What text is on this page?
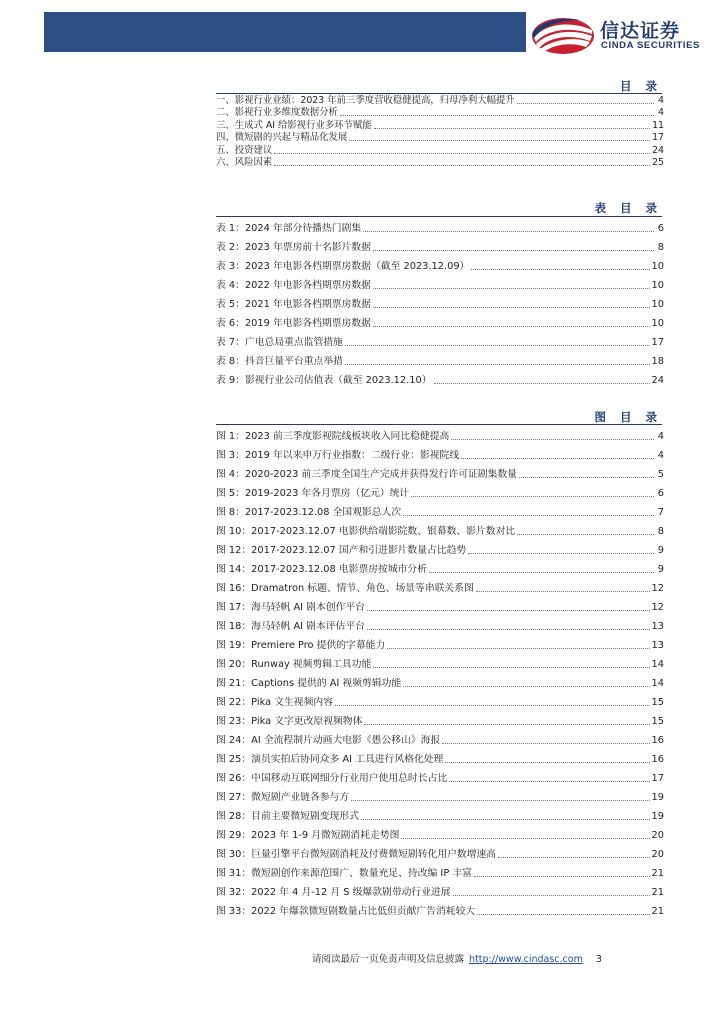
信达证券
CINDA SECURITIES
目 录
一、影视行业业绩：2023 年前三季度营收稳健提高，归母净利大幅提升	4
二、影视行业多维度数据分析	4
三、生成式 AI 给影视行业多环节赋能	11
四、微短剧的兴起与精品化发展	17
五、投资建议	24
六、风险因素	25
表 目 录
表 1：2024 年部分待播热门剧集	6
表 2：2023 年票房前十名影片数据	8
表 3：2023 年电影各档期票房数据（截至 2023.12.09）	10
表 4：2022 年电影各档期票房数据	10
表 5：2021 年电影各档期票房数据	10
表 6：2019 年电影各档期票房数据	10
表 7：广电总局重点监管措施	17
表 8：抖音巨量平台重点举措	18
表 9：影视行业公司估值表（截至 2023.12.10）	24
图 目 录
图 1：2023 前三季度影视院线板块收入同比稳健提高	4
图 3：2019 年以来申万行业指数：二级行业：影视院线	4
图 4：2020-2023 前三季度全国生产完成并获得发行许可证剧集数量	5
图 5：2019-2023 年各月票房（亿元）统计	6
图 8：2017-2023.12.08 全国观影总人次	7
图 10：2017-2023.12.07 电影供给端影院数、银幕数、影片数对比	8
图 12：2017-2023.12.07 国产和引进影片数量占比趋势	9
图 14：2017-2023.12.08 电影票房按城市分析	9
图 16：Dramatron 标题、情节、角色、场景等串联关系图	12
图 17：海马轻帆 AI 剧本创作平台	12
图 18：海马轻帆 AI 剧本评估平台	13
图 19：Premiere Pro 提供的字幕能力	13
图 20：Runway 视频剪辑工具功能	14
图 21：Captions 提供的 AI 视频剪辑功能	14
图 22：Pika 文生视频内容	15
图 23：Pika 文字更改原视频物体	15
图 24：AI 全流程制片动画大电影《愚公移山》海报	16
图 25：演员实拍后协同众多 AI 工具进行风格化处理	16
图 26：中国移动互联网细分行业用户使用总时长占比	17
图 27：微短剧产业链各参与方	19
图 28：目前主要微短剧变现形式	19
图 29：2023 年 1-9 月微短剧消耗走势图	20
图 30：巨量引擎平台微短剧消耗及付费微短剧转化用户数增速高	20
图 31：微短剧创作来源范围广、数量充足、待改编 IP 丰富	21
图 32：2022 年 4 月-12 月 S 级爆款剧带动行业进展	21
图 33：2022 年爆款微短剧数量占比低但贡献广告消耗较大	21
请阅读最后一页免责声明及信息披露 http://www.cindasc.com 3
